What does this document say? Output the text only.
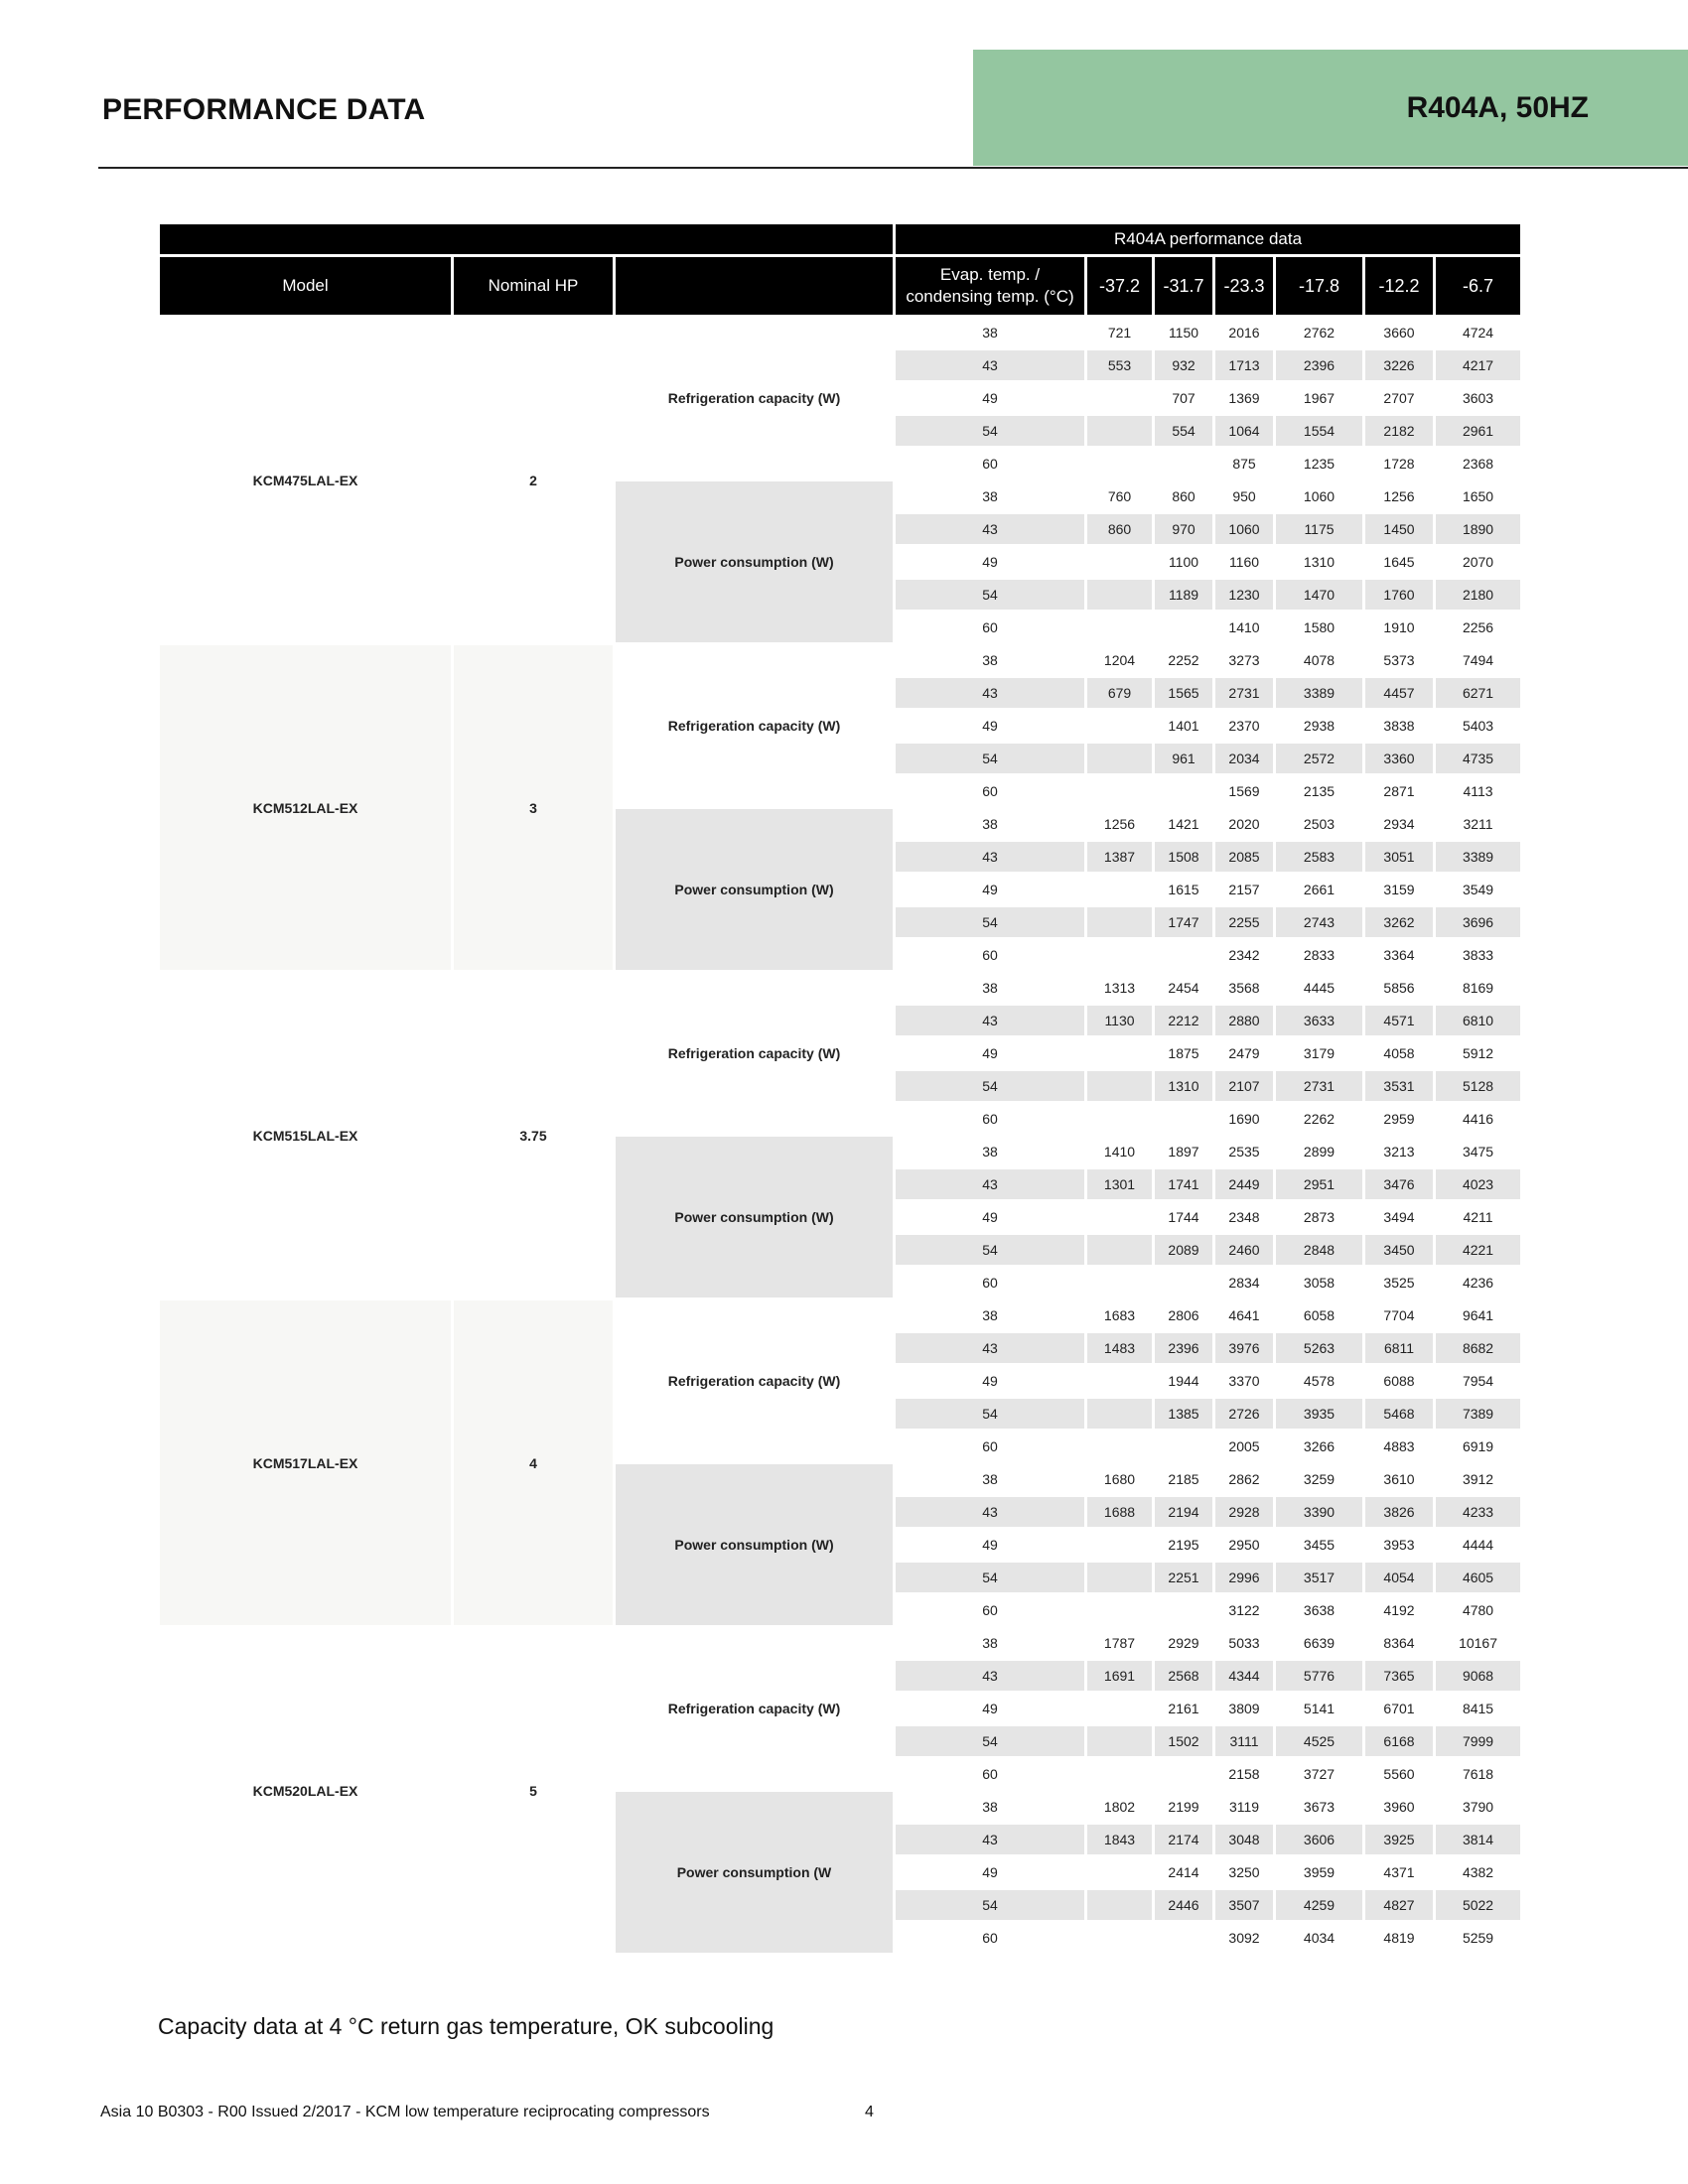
PERFORMANCE DATA	R404A, 50HZ
			R404A performance data						
Model	Nominal HP		Evap. temp. / condensing temp. (°C)	-37.2	-31.7	-23.3	-17.8	-12.2	-6.7
KCM475LAL-EX	2	Refrigeration capacity (W)	38	721	1150	2016	2762	3660	4724
			43	553	932	1713	2396	3226	4217
			49		707	1369	1967	2707	3603
			54		554	1064	1554	2182	2961
			60			875	1235	1728	2368
		Power consumption (W)	38	760	860	950	1060	1256	1650
			43	860	970	1060	1175	1450	1890
			49		1100	1160	1310	1645	2070
			54		1189	1230	1470	1760	2180
			60			1410	1580	1910	2256
KCM512LAL-EX	3	Refrigeration capacity (W)	38	1204	2252	3273	4078	5373	7494
			43	679	1565	2731	3389	4457	6271
			49		1401	2370	2938	3838	5403
			54		961	2034	2572	3360	4735
			60			1569	2135	2871	4113
		Power consumption (W)	38	1256	1421	2020	2503	2934	3211
			43	1387	1508	2085	2583	3051	3389
			49		1615	2157	2661	3159	3549
			54		1747	2255	2743	3262	3696
			60			2342	2833	3364	3833
KCM515LAL-EX	3.75	Refrigeration capacity (W)	38	1313	2454	3568	4445	5856	8169
			43	1130	2212	2880	3633	4571	6810
			49		1875	2479	3179	4058	5912
			54		1310	2107	2731	3531	5128
			60			1690	2262	2959	4416
		Power consumption (W)	38	1410	1897	2535	2899	3213	3475
			43	1301	1741	2449	2951	3476	4023
			49		1744	2348	2873	3494	4211
			54		2089	2460	2848	3450	4221
			60			2834	3058	3525	4236
KCM517LAL-EX	4	Refrigeration capacity (W)	38	1683	2806	4641	6058	7704	9641
			43	1483	2396	3976	5263	6811	8682
			49		1944	3370	4578	6088	7954
			54		1385	2726	3935	5468	7389
			60			2005	3266	4883	6919
		Power consumption (W)	38	1680	2185	2862	3259	3610	3912
			43	1688	2194	2928	3390	3826	4233
			49		2195	2950	3455	3953	4444
			54		2251	2996	3517	4054	4605
			60			3122	3638	4192	4780
KCM520LAL-EX	5	Refrigeration capacity (W)	38	1787	2929	5033	6639	8364	10167
			43	1691	2568	4344	5776	7365	9068
			49		2161	3809	5141	6701	8415
			54		1502	3111	4525	6168	7999
			60			2158	3727	5560	7618
		Power consumption (W	38	1802	2199	3119	3673	3960	3790
			43	1843	2174	3048	3606	3925	3814
			49		2414	3250	3959	4371	4382
			54		2446	3507	4259	4827	5022
			60			3092	4034	4819	5259
Capacity data at 4 °C return gas temperature, OK subcooling
Asia 10 B0303 - R00 Issued 2/2017 - KCM low temperature reciprocating compressors	4
